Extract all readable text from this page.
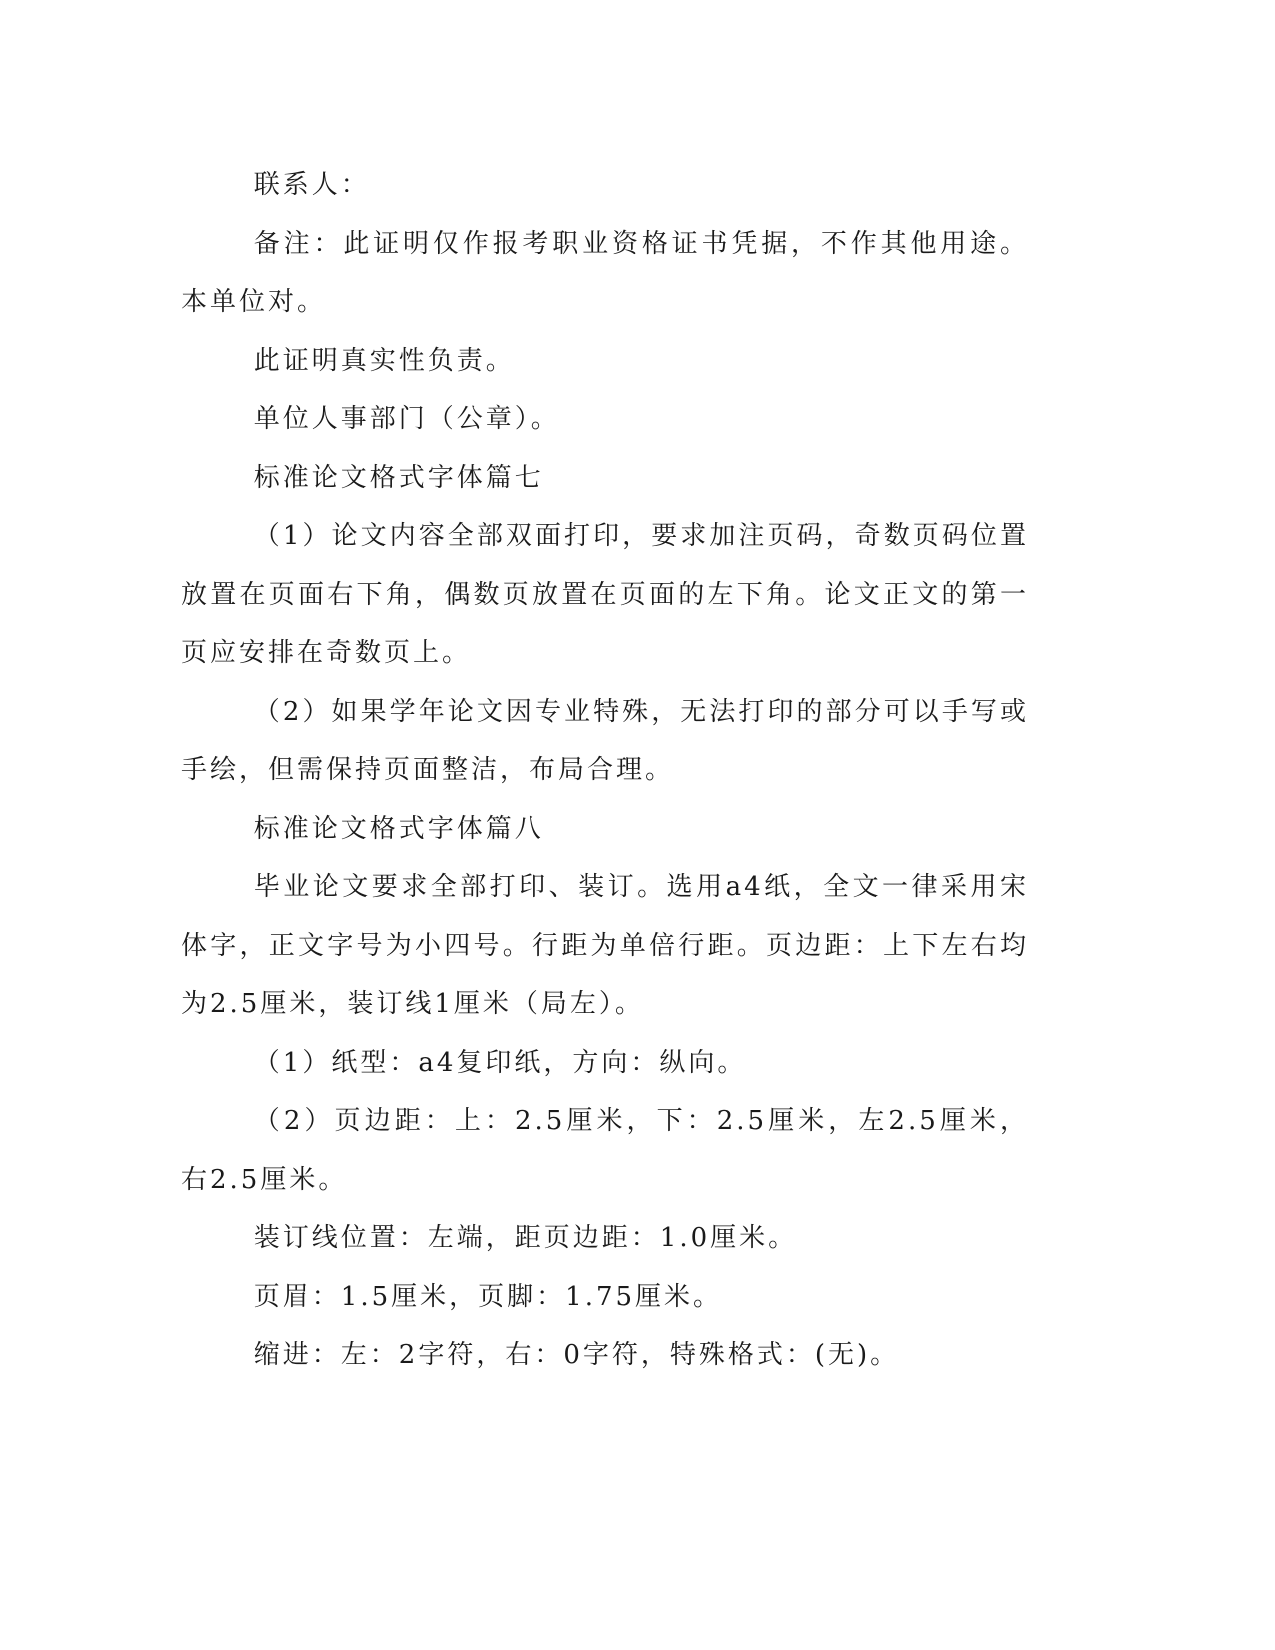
联系人：

备注：此证明仅作报考职业资格证书凭据，不作其他用途。本单位对。

此证明真实性负责。

单位人事部门（公章）。

标准论文格式字体篇七

（1）论文内容全部双面打印，要求加注页码，奇数页码位置放置在页面右下角，偶数页放置在页面的左下角。论文正文的第一页应安排在奇数页上。

（2）如果学年论文因专业特殊，无法打印的部分可以手写或手绘，但需保持页面整洁，布局合理。

标准论文格式字体篇八

毕业论文要求全部打印、装订。选用a4纸，全文一律采用宋体字，正文字号为小四号。行距为单倍行距。页边距：上下左右均为2.5厘米，装订线1厘米（局左）。

（1）纸型：a4复印纸，方向：纵向。

（2）页边距：上：2.5厘米，下：2.5厘米，左2.5厘米，右2.5厘米。

装订线位置：左端，距页边距：1.0厘米。

页眉：1.5厘米，页脚：1.75厘米。

缩进：左：2字符，右：0字符，特殊格式：(无)。
